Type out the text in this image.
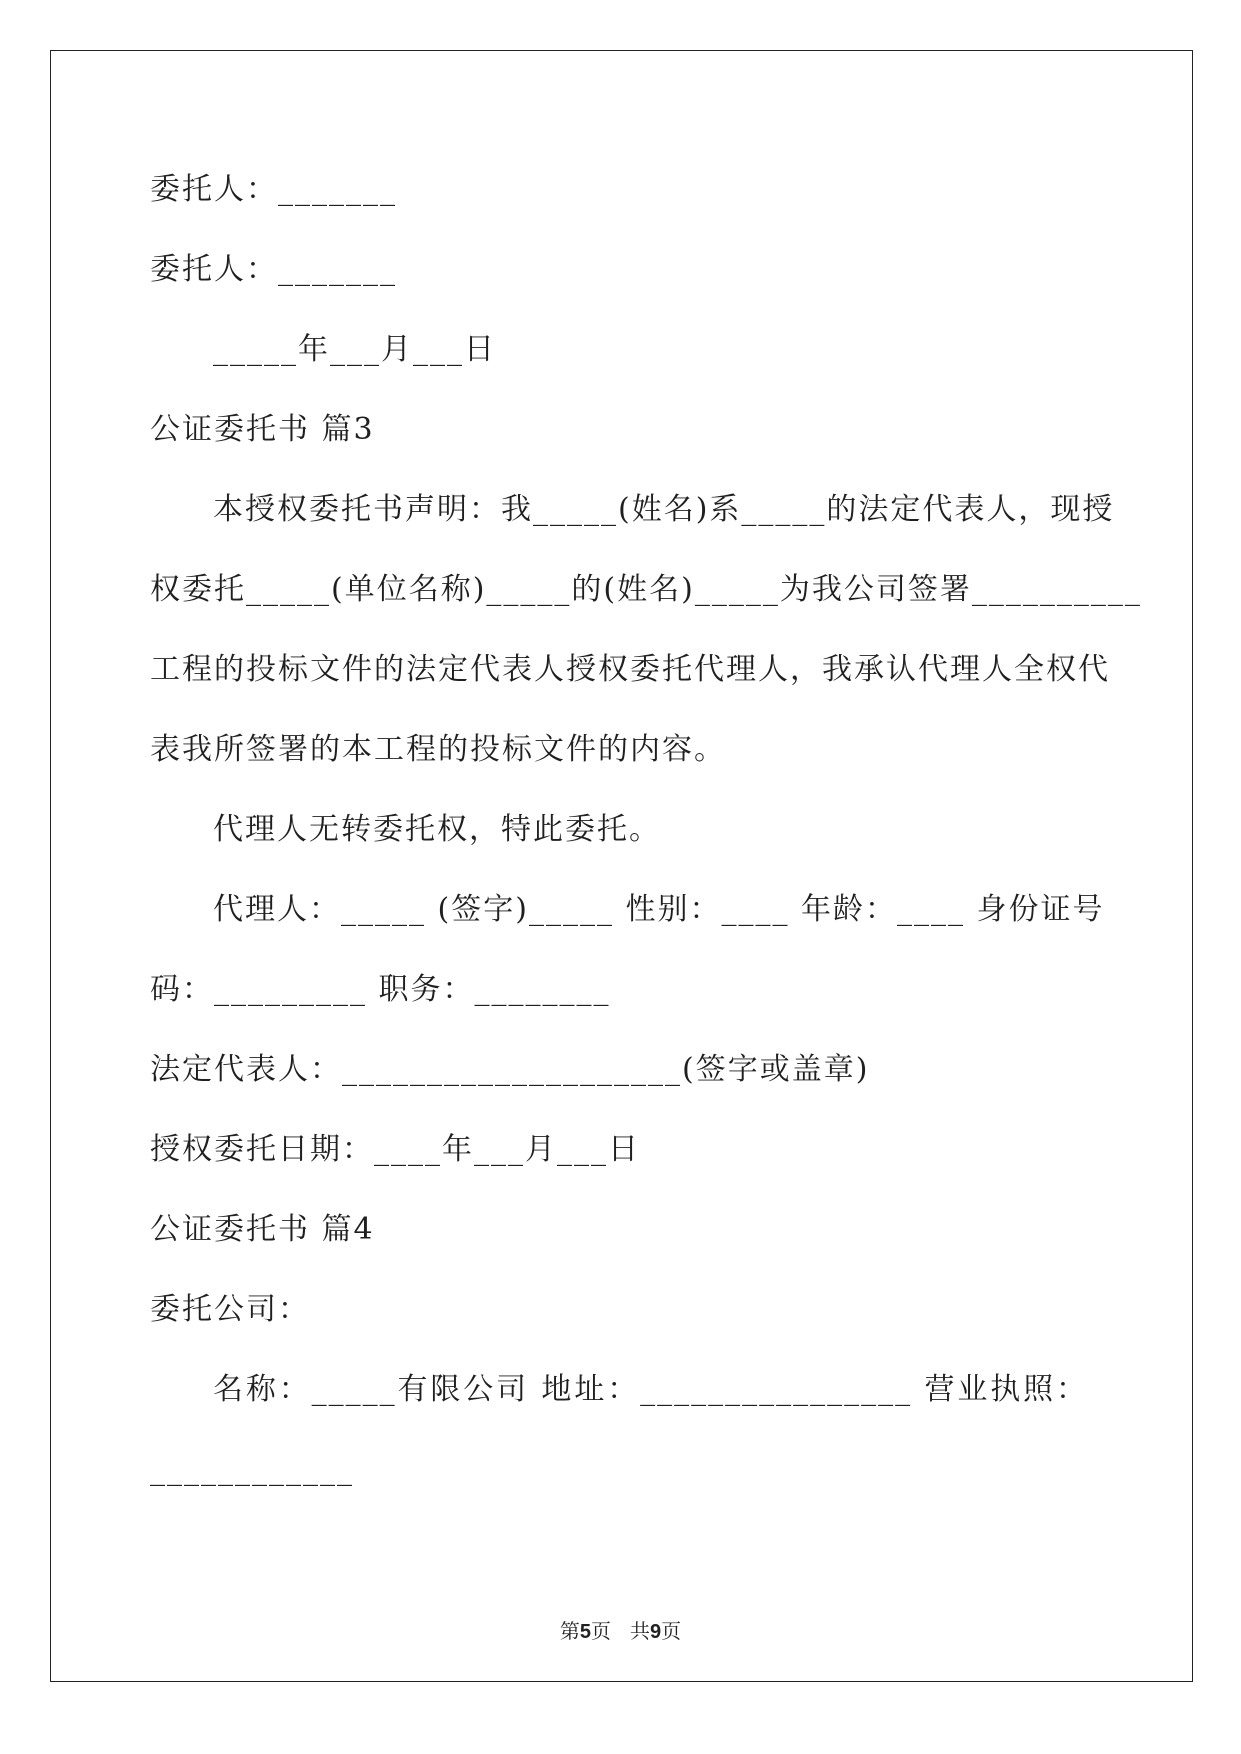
委托人：_______

委托人：_______

_____年___月___日

公证委托书 篇3

本授权委托书声明：我_____(姓名)系_____的法定代表人，现授

权委托_____(单位名称)_____的(姓名)_____为我公司签署__________

工程的投标文件的法定代表人授权委托代理人，我承认代理人全权代

表我所签署的本工程的投标文件的内容。

代理人无转委托权，特此委托。

代理人：_____ (签字)_____ 性别：____ 年龄：____ 身份证号

码：_________ 职务：________

法定代表人：____________________(签字或盖章)

授权委托日期：____年___月___日

公证委托书 篇4

委托公司：

名称：_____有限公司 地址：________________ 营业执照：

____________

第5页 共9页
